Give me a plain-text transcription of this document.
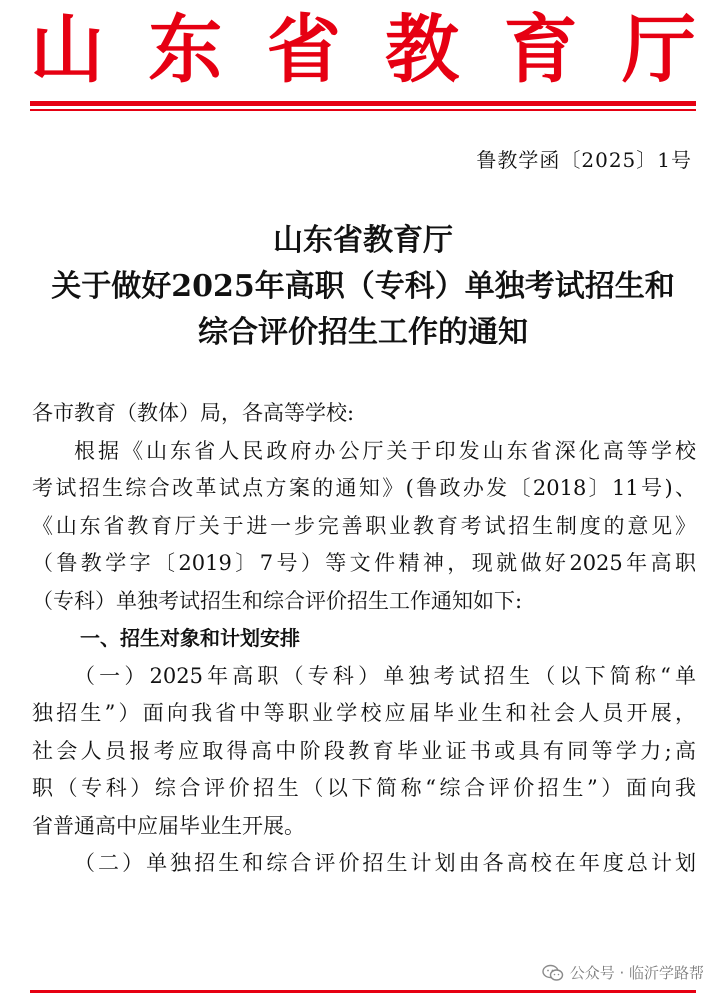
山 东 省 教 育 厅
鲁教学函〔2025〕1号
山东省教育厅
关于做好2025年高职（专科）单独考试招生和
综合评价招生工作的通知
各市教育（教体）局，各高等学校:
根据《山东省人民政府办公厅关于印发山东省深化高等学校
考试招生综合改革试点方案的通知》(鲁政办发〔2018〕11号)、
《山东省教育厅关于进一步完善职业教育考试招生制度的意见》
（鲁教学字〔2019〕7号）等文件精神，现就做好2025年高职
（专科）单独考试招生和综合评价招生工作通知如下:
一、招生对象和计划安排
（一）2025年高职（专科）单独考试招生（以下简称“单
独招生”）面向我省中等职业学校应届毕业生和社会人员开展，
社会人员报考应取得高中阶段教育毕业证书或具有同等学力;高
职（专科）综合评价招生（以下简称“综合评价招生”）面向我
省普通高中应届毕业生开展。
（二）单独招生和综合评价招生计划由各高校在年度总计划
公众号 · 临沂学路帮
